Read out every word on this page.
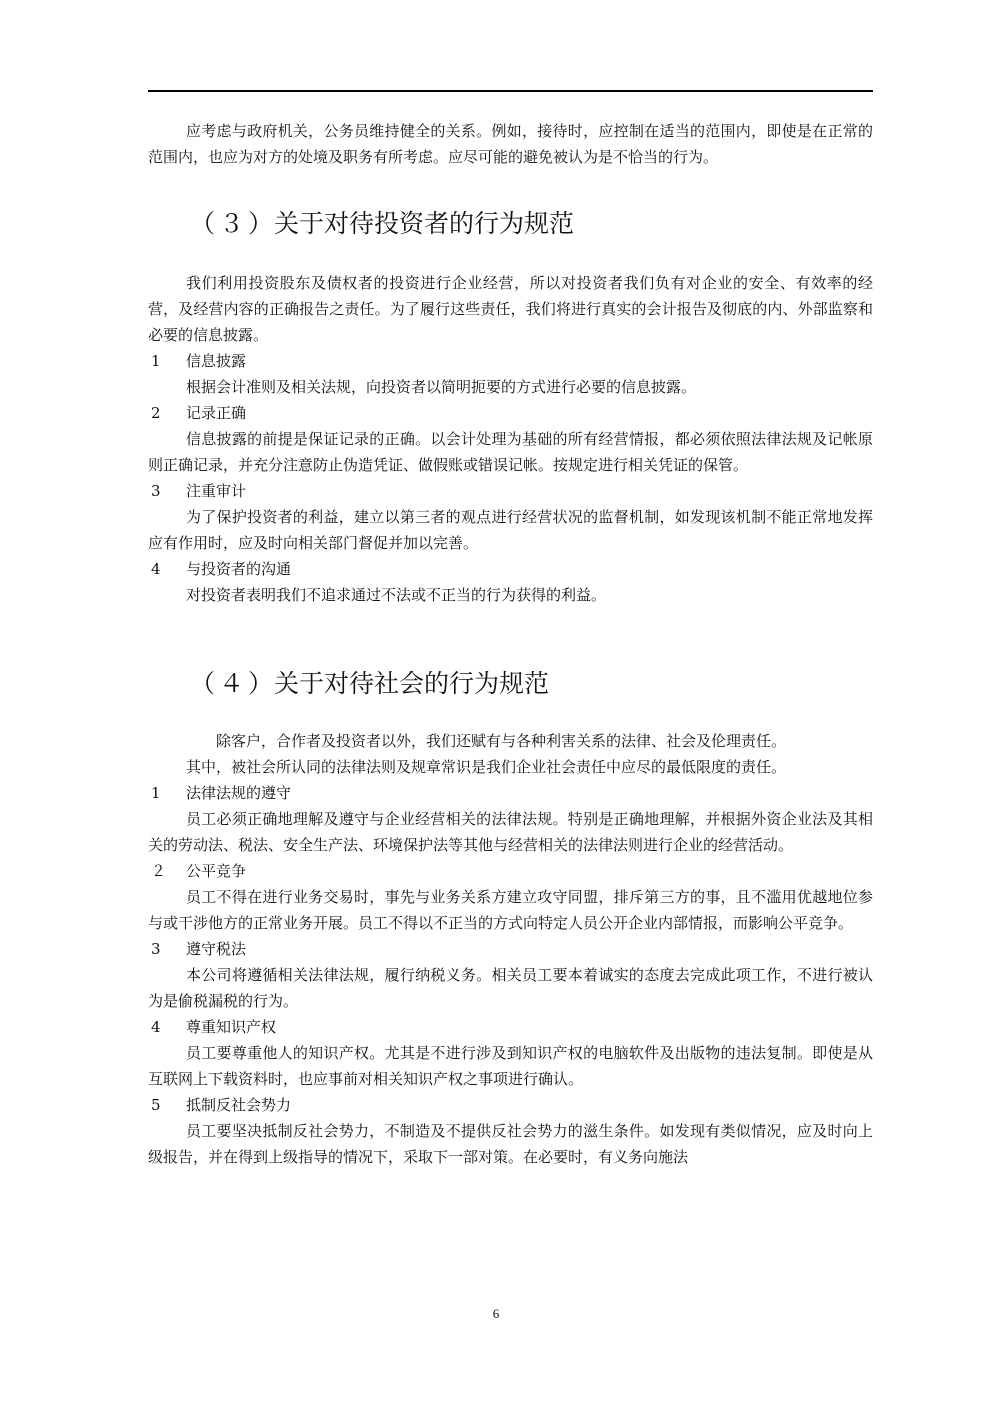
应考虑与政府机关，公务员维持健全的关系。例如，接待时，应控制在适当的范围内，即使是在正常的范围内，也应为对方的处境及职务有所考虑。应尽可能的避免被认为是不恰当的行为。

（３）
关于对待投资者的行为规范

我们利用投资股东及债权者的投资进行企业经营，所以对投资者我们负有对企业的安全、有效率的经营，及经营内容的正确报告之责任。为了履行这些责任，我们将进行真实的会计报告及彻底的内、外部监察和必要的信息披露。

1	信息披露

根据会计准则及相关法规，向投资者以简明扼要的方式进行必要的信息披露。

2	记录正确

信息披露的前提是保证记录的正确。以会计处理为基础的所有经营情报，都必须依照法律法规及记帐原则正确记录，并充分注意防止伪造凭证、做假账或错误记帐。按规定进行相关凭证的保管。

3	注重审计

为了保护投资者的利益，建立以第三者的观点进行经营状况的监督机制，如发现该机制不能正常地发挥应有作用时，应及时向相关部门督促并加以完善。

4	与投资者的沟通

对投资者表明我们不追求通过不法或不正当的行为获得的利益。

（４）
关于对待社会的行为规范

除客户，合作者及投资者以外，我们还赋有与各种利害关系的法律、社会及伦理责任。

其中，被社会所认同的法律法则及规章常识是我们企业社会责任中应尽的最低限度的责任。

1	法律法规的遵守

员工必须正确地理解及遵守与企业经营相关的法律法规。特别是正确地理解，并根据外资企业法及其相关的劳动法、税法、安全生产法、环境保护法等其他与经营相关的法律法则进行企业的经营活动。

２	公平竞争

员工不得在进行业务交易时，事先与业务关系方建立攻守同盟，排斥第三方的事，且不滥用优越地位参与或干涉他方的正常业务开展。员工不得以不正当的方式向特定人员公开企业内部情报，而影响公平竞争。

3	遵守税法

本公司将遵循相关法律法规，履行纳税义务。相关员工要本着诚实的态度去完成此项工作，不进行被认为是偷税漏税的行为。

4	尊重知识产权

员工要尊重他人的知识产权。尤其是不进行涉及到知识产权的电脑软件及出版物的违法复制。即使是从互联网上下载资料时，也应事前对相关知识产权之事项进行确认。

5	抵制反社会势力

员工要坚决抵制反社会势力，不制造及不提供反社会势力的滋生条件。如发现有类似情况，应及时向上级报告，并在得到上级指导的情况下，采取下一部对策。在必要时，有义务向施法

6
